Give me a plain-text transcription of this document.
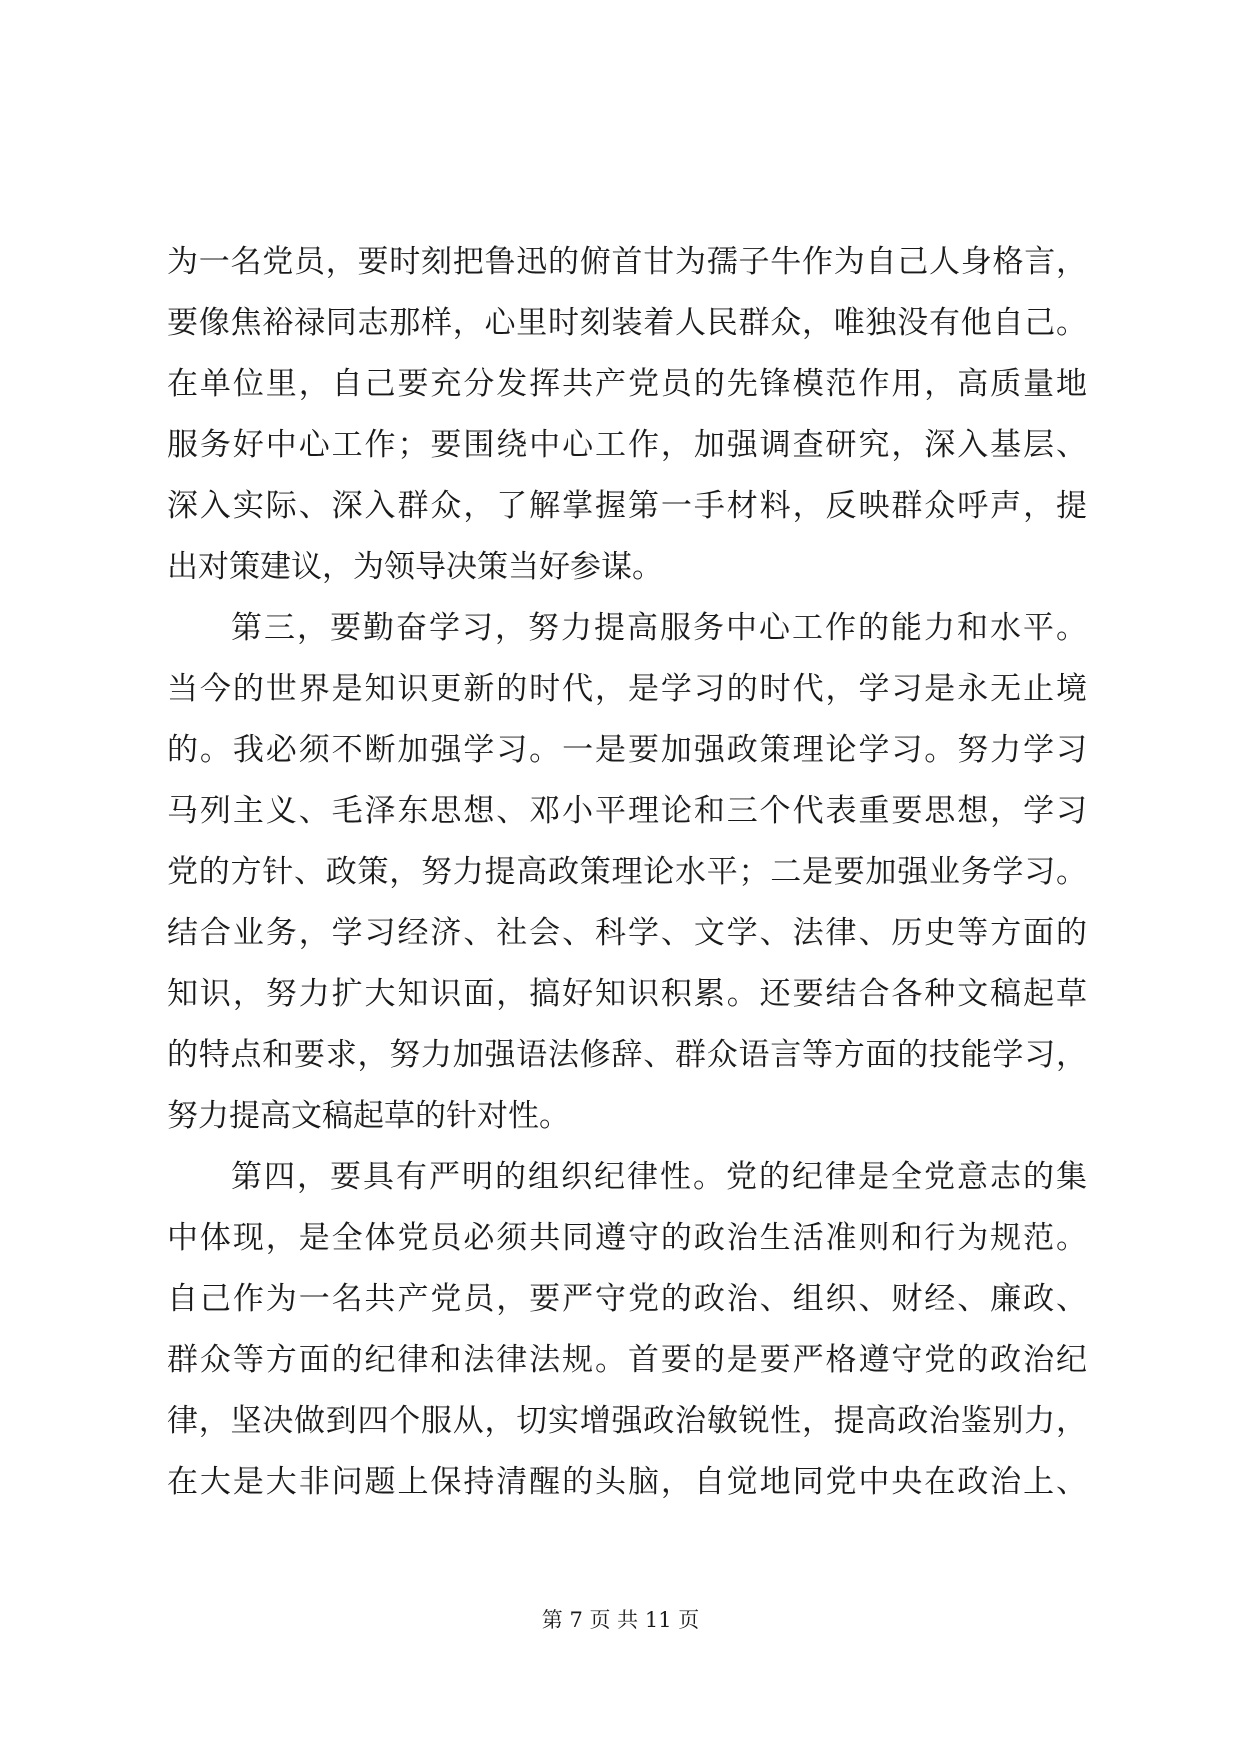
为一名党员，要时刻把鲁迅的俯首甘为孺子牛作为自己人身格言，
要像焦裕禄同志那样，心里时刻装着人民群众，唯独没有他自己。
在单位里，自己要充分发挥共产党员的先锋模范作用，高质量地
服务好中心工作；要围绕中心工作，加强调查研究，深入基层、
深入实际、深入群众，了解掌握第一手材料，反映群众呼声，提
出对策建议，为领导决策当好参谋。
第三，要勤奋学习，努力提高服务中心工作的能力和水平。
当今的世界是知识更新的时代，是学习的时代，学习是永无止境
的。我必须不断加强学习。一是要加强政策理论学习。努力学习
马列主义、毛泽东思想、邓小平理论和三个代表重要思想，学习
党的方针、政策，努力提高政策理论水平；二是要加强业务学习。
结合业务，学习经济、社会、科学、文学、法律、历史等方面的
知识，努力扩大知识面，搞好知识积累。还要结合各种文稿起草
的特点和要求，努力加强语法修辞、群众语言等方面的技能学习，
努力提高文稿起草的针对性。
第四，要具有严明的组织纪律性。党的纪律是全党意志的集
中体现，是全体党员必须共同遵守的政治生活准则和行为规范。
自己作为一名共产党员，要严守党的政治、组织、财经、廉政、
群众等方面的纪律和法律法规。首要的是要严格遵守党的政治纪
律，坚决做到四个服从，切实增强政治敏锐性，提高政治鉴别力，
在大是大非问题上保持清醒的头脑，自觉地同党中央在政治上、
第 7 页 共 11 页
